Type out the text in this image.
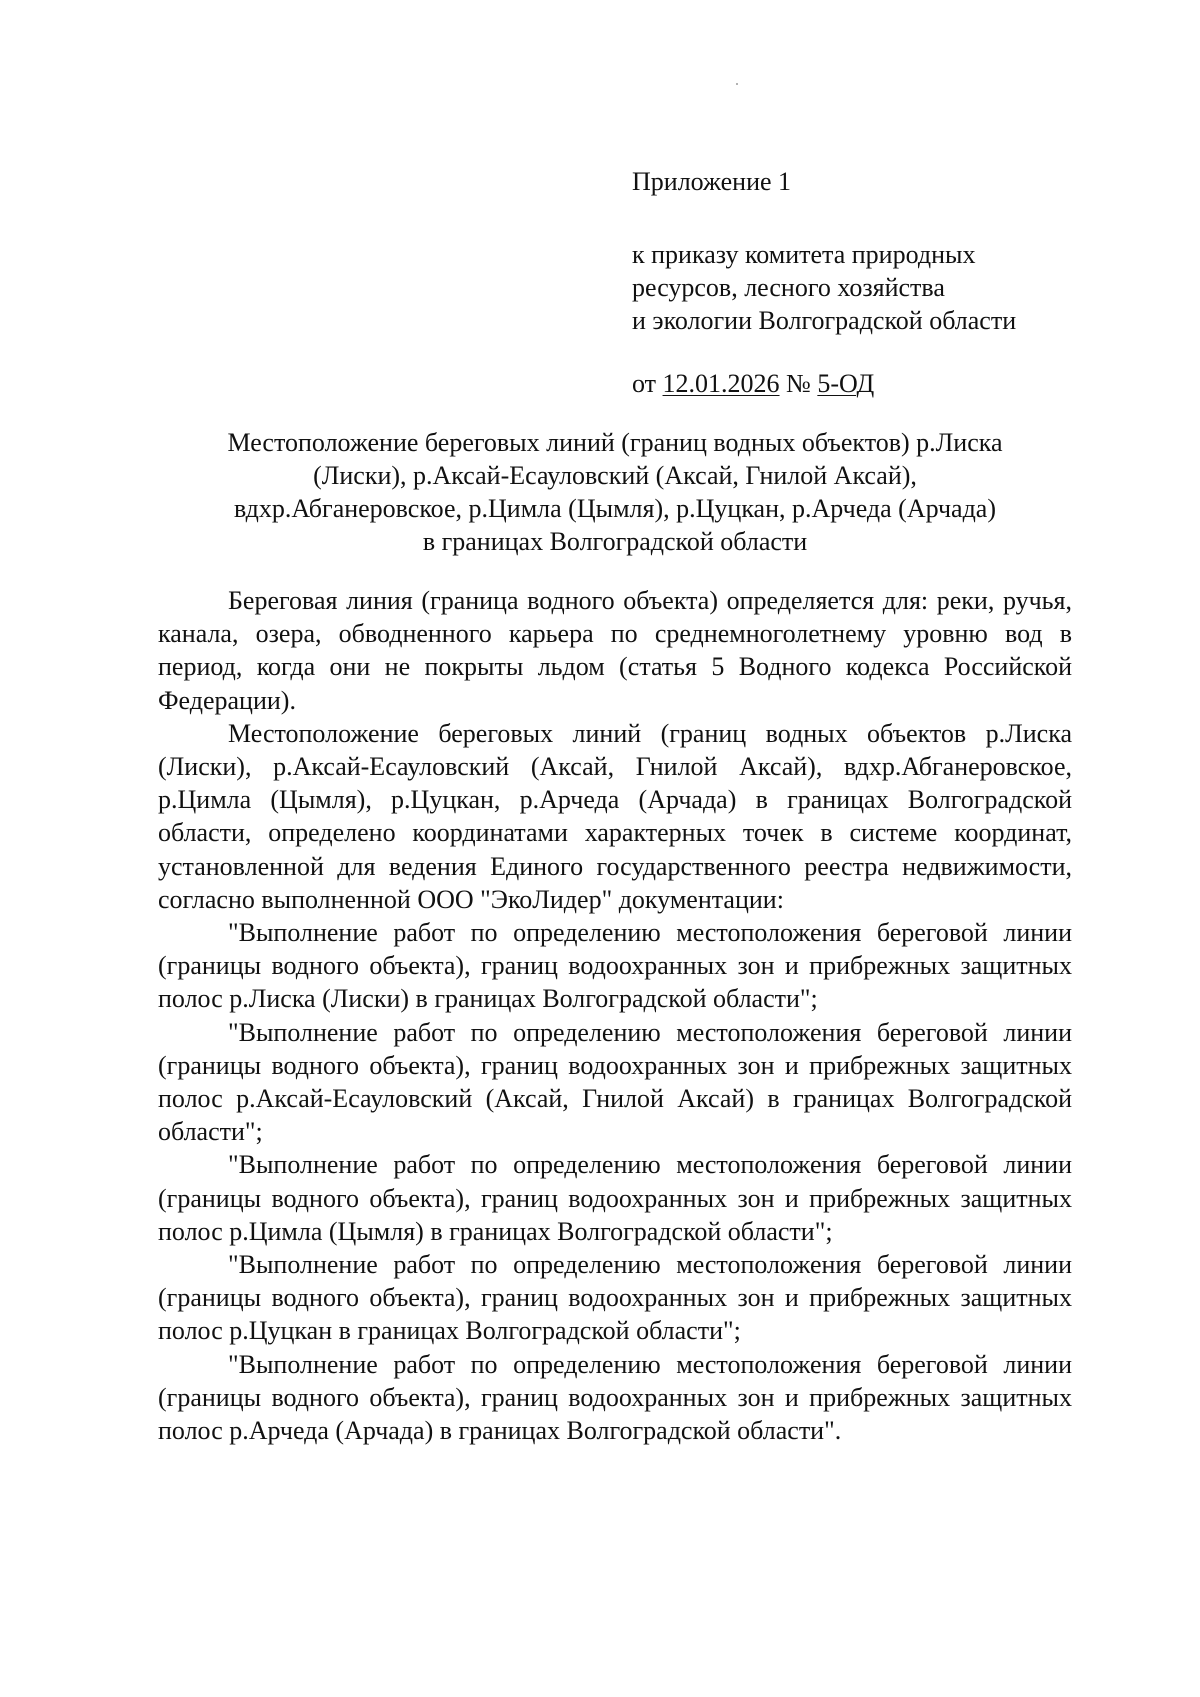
Приложение 1
к приказу комитета природных
ресурсов, лесного хозяйства
и экологии Волгоградской области
от 12.01.2026 № 5-ОД
Местоположение береговых линий (границ водных объектов) р.Лиска
(Лиски), р.Аксай-Есауловский (Аксай, Гнилой Аксай),
вдхр.Абганеровское, р.Цимла (Цымля), р.Цуцкан, р.Арчеда (Арчада)
в границах Волгоградской области

Береговая линия (граница водного объекта) определяется для: реки, ручья, канала, озера, обводненного карьера по среднемноголетнему уровню вод в период, когда они не покрыты льдом (статья 5 Водного кодекса Российской Федерации).

Местоположение береговых линий (границ водных объектов р.Лиска (Лиски), р.Аксай-Есауловский (Аксай, Гнилой Аксай), вдхр.Абганеровское, р.Цимла (Цымля), р.Цуцкан, р.Арчеда (Арчада) в границах Волгоградской области, определено координатами характерных точек в системе координат, установленной для ведения Единого государственного реестра недвижимости, согласно выполненной ООО "ЭкоЛидер" документации:

"Выполнение работ по определению местоположения береговой линии (границы водного объекта), границ водоохранных зон и прибрежных защитных полос р.Лиска (Лиски) в границах Волгоградской области";

"Выполнение работ по определению местоположения береговой линии (границы водного объекта), границ водоохранных зон и прибрежных защитных полос р.Аксай-Есауловский (Аксай, Гнилой Аксай) в границах Волгоградской области";

"Выполнение работ по определению местоположения береговой линии (границы водного объекта), границ водоохранных зон и прибрежных защитных полос р.Цимла (Цымля) в границах Волгоградской области";

"Выполнение работ по определению местоположения береговой линии (границы водного объекта), границ водоохранных зон и прибрежных защитных полос р.Цуцкан в границах Волгоградской области";

"Выполнение работ по определению местоположения береговой линии (границы водного объекта), границ водоохранных зон и прибрежных защитных полос р.Арчеда (Арчада) в границах Волгоградской области".
